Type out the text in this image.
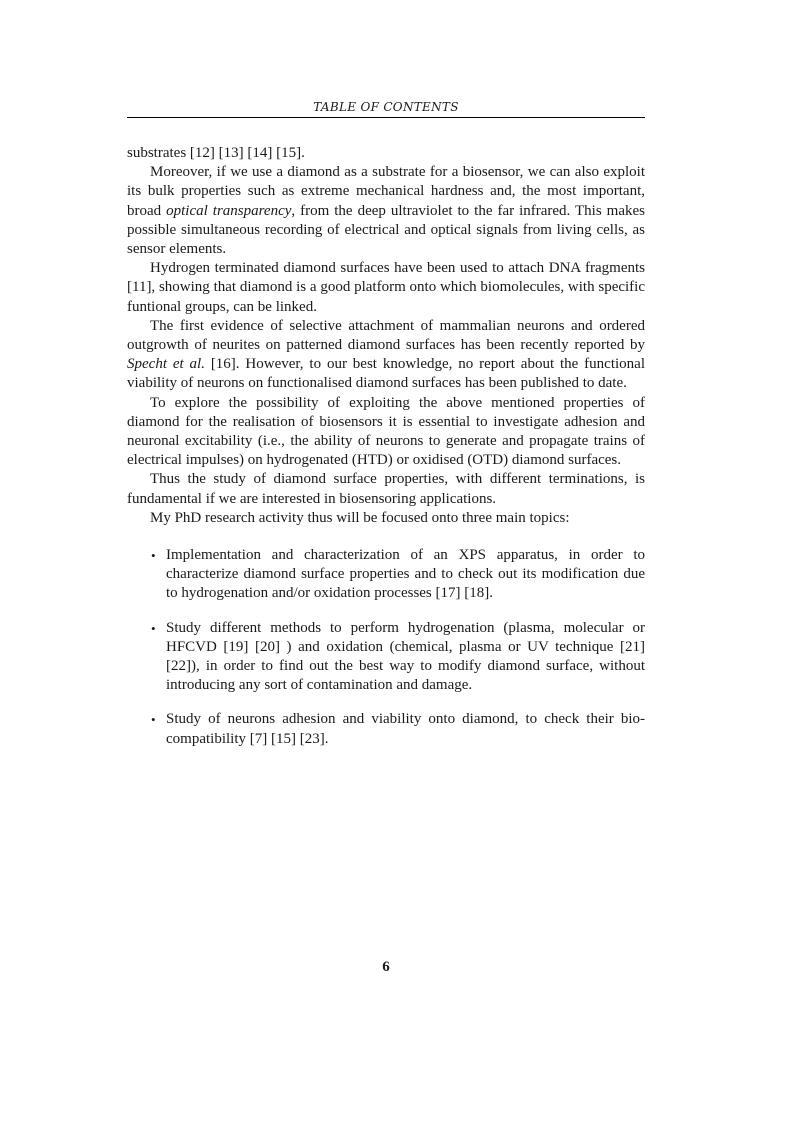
TABLE OF CONTENTS

substrates [12] [13] [14] [15].

Moreover, if we use a diamond as a substrate for a biosensor, we can also exploit its bulk properties such as extreme mechanical hardness and, the most important, broad optical transparency, from the deep ultraviolet to the far infrared. This makes possible simultaneous recording of electrical and optical signals from living cells, as sensor elements.

Hydrogen terminated diamond surfaces have been used to attach DNA fragments [11], showing that diamond is a good platform onto which biomolecules, with specific funtional groups, can be linked.

The first evidence of selective attachment of mammalian neurons and ordered outgrowth of neurites on patterned diamond surfaces has been recently reported by Specht et al. [16]. However, to our best knowledge, no report about the functional viability of neurons on functionalised diamond surfaces has been published to date.

To explore the possibility of exploiting the above mentioned properties of diamond for the realisation of biosensors it is essential to investigate adhesion and neuronal excitability (i.e., the ability of neurons to generate and propagate trains of electrical impulses) on hydrogenated (HTD) or oxidised (OTD) diamond surfaces.

Thus the study of diamond surface properties, with different terminations, is fundamental if we are interested in biosensoring applications.

My PhD research activity thus will be focused onto three main topics:

• Implementation and characterization of an XPS apparatus, in order to characterize diamond surface properties and to check out its modification due to hydrogenation and/or oxidation processes [17] [18].
• Study different methods to perform hydrogenation (plasma, molecular or HFCVD [19] [20] ) and oxidation (chemical, plasma or UV technique [21] [22]), in order to find out the best way to modify diamond surface, without introducing any sort of contamination and damage.
• Study of neurons adhesion and viability onto diamond, to check their bio-compatibility [7] [15] [23].
6
